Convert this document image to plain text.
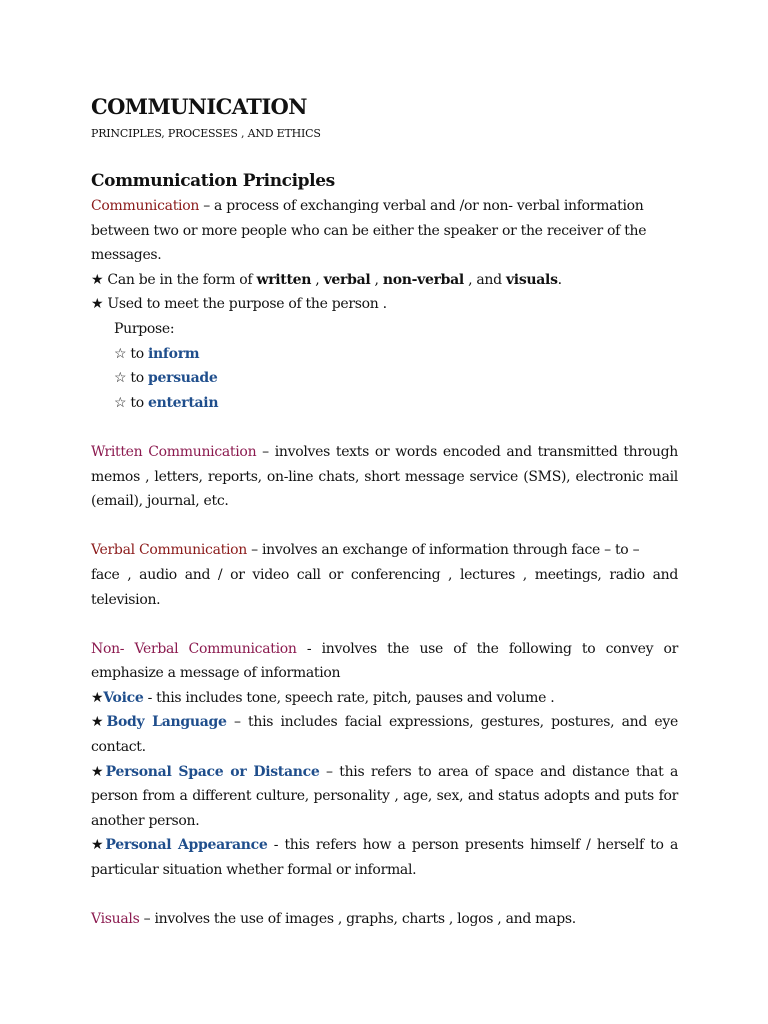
COMMUNICATION
PRINCIPLES, PROCESSES , AND ETHICS
Communication Principles

Communication – a process of exchanging verbal and /or non- verbal information between two or more people who can be either the speaker or the receiver of the messages.

★ Can be in the form of written , verbal , non-verbal , and visuals.

★ Used to meet the purpose of the person .

Purpose:

☆ to inform

☆ to persuade

☆ to entertain

Written Communication – involves texts or words encoded and transmitted through memos , letters, reports, on-line chats, short message service (SMS), electronic mail (email), journal, etc.

Verbal Communication – involves an exchange of information through face – to –

face , audio and / or video call or conferencing , lectures , meetings, radio and television.

Non- Verbal Communication - involves the use of the following to convey or emphasize a message of information

★Voice - this includes tone, speech rate, pitch, pauses and volume .

★Body Language – this includes facial expressions, gestures, postures, and eye contact.

★Personal Space or Distance – this refers to area of space and distance that a person from a different culture, personality , age, sex, and status adopts and puts for another person.

★Personal Appearance - this refers how a person presents himself / herself to a particular situation whether formal or informal.

Visuals – involves the use of images , graphs, charts , logos , and maps.
